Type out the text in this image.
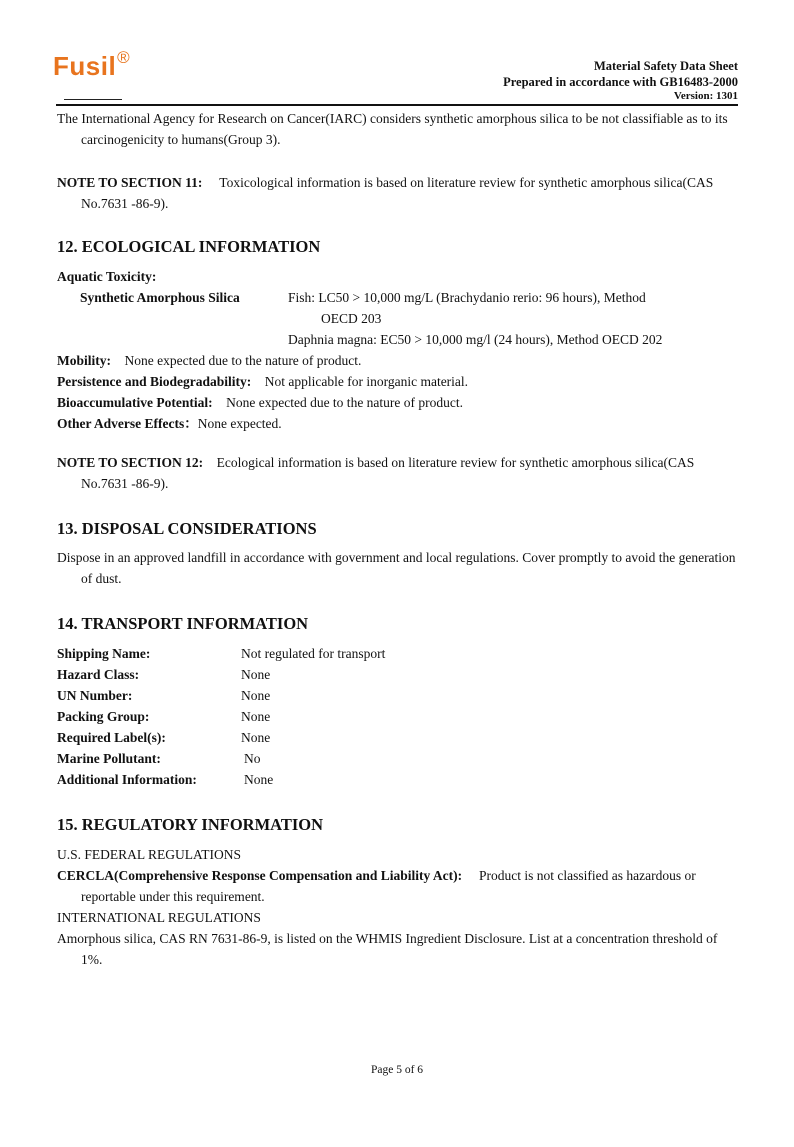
Fusil®	Material Safety Data Sheet
Prepared in accordance with GB16483-2000
Version: 1301

The International Agency for Research on Cancer(IARC) considers synthetic amorphous silica to be not classifiable as to its carcinogenicity to humans(Group 3).

NOTE TO SECTION 11: Toxicological information is based on literature review for synthetic amorphous silica(CAS No.7631 -86-9).

12. ECOLOGICAL INFORMATION

Aquatic Toxicity:

Synthetic Amorphous Silica	Fish: LC50 > 10,000 mg/L (Brachydanio rerio: 96 hours), Method

OECD 203

Daphnia magna: EC50 > 10,000 mg/l (24 hours), Method OECD 202

Mobility: None expected due to the nature of product.

Persistence and Biodegradability: Not applicable for inorganic material.

Bioaccumulative Potential: None expected due to the nature of product.

Other Adverse Effects：None expected.

NOTE TO SECTION 12: Ecological information is based on literature review for synthetic amorphous silica(CAS No.7631 -86-9).

13. DISPOSAL CONSIDERATIONS

Dispose in an approved landfill in accordance with government and local regulations. Cover promptly to avoid the generation of dust.

14. TRANSPORT INFORMATION
Shipping Name:	Not regulated for transport
Hazard Class:	None
UN Number:	None
Packing Group:	None
Required Label(s):	None
Marine Pollutant:	No
Additional Information:	None
15. REGULATORY INFORMATION

U.S. FEDERAL REGULATIONS

CERCLA(Comprehensive Response Compensation and Liability Act): Product is not classified as hazardous or reportable under this requirement.

INTERNATIONAL REGULATIONS

Amorphous silica, CAS RN 7631-86-9, is listed on the WHMIS Ingredient Disclosure. List at a concentration threshold of 1%.

Page 5 of 6
